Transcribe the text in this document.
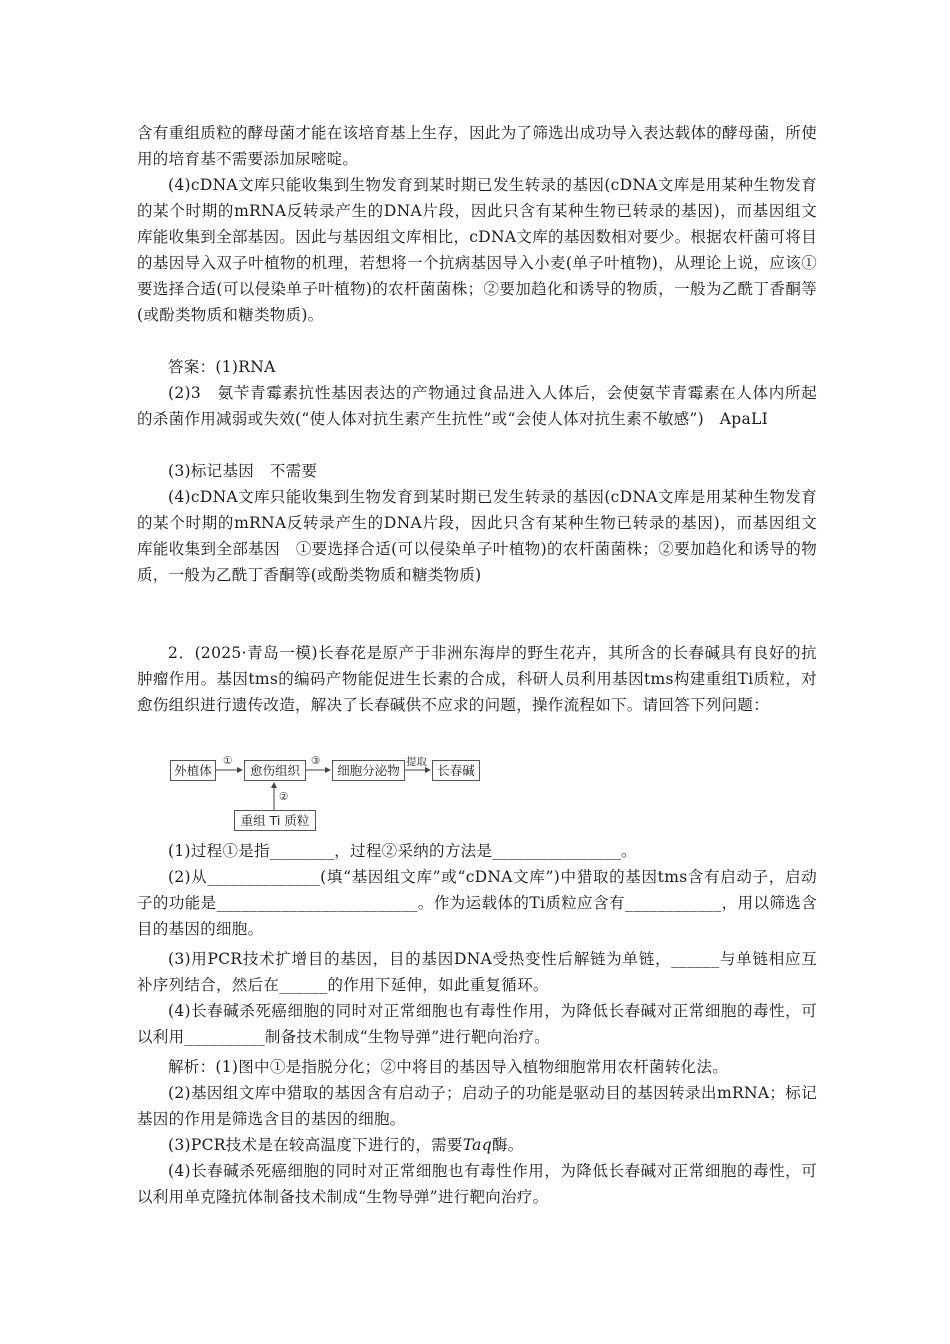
含有重组质粒的酵母菌才能在该培育基上生存，因此为了筛选出成功导入表达载体的酵母菌，所使用的培育基不需要添加尿嘧啶。

(4)cDNA文库只能收集到生物发育到某时期已发生转录的基因(cDNA文库是用某种生物发育的某个时期的mRNA反转录产生的DNA片段，因此只含有某种生物已转录的基因)，而基因组文库能收集到全部基因。因此与基因组文库相比，cDNA文库的基因数相对要少。根据农杆菌可将目的基因导入双子叶植物的机理，若想将一个抗病基因导入小麦(单子叶植物)，从理论上说，应该①要选择合适(可以侵染单子叶植物)的农杆菌菌株；②要加趋化和诱导的物质，一般为乙酰丁香酮等(或酚类物质和糖类物质)。

答案：(1)RNA

(2)3　氨苄青霉素抗性基因表达的产物通过食品进入人体后，会使氨苄青霉素在人体内所起的杀菌作用减弱或失效(“使人体对抗生素产生抗性”或“会使人体对抗生素不敏感”)　ApaLⅠ

(3)标记基因　不需要

(4)cDNA文库只能收集到生物发育到某时期已发生转录的基因(cDNA文库是用某种生物发育的某个时期的mRNA反转录产生的DNA片段，因此只含有某种生物已转录的基因)，而基因组文库能收集到全部基因　①要选择合适(可以侵染单子叶植物)的农杆菌菌株；②要加趋化和诱导的物质，一般为乙酰丁香酮等(或酚类物质和糖类物质)

2．(2025·青岛一模)长春花是原产于非洲东海岸的野生花卉，其所含的长春碱具有良好的抗肿瘤作用。基因tms的编码产物能促进生长素的合成，科研人员利用基因tms构建重组Ti质粒，对愈伤组织进行遗传改造，解决了长春碱供不应求的问题，操作流程如下。请回答下列问题：

外植体	愈伤组织	细胞分泌物	长春碱
重组 Ti 质粒
①
②
③	提取

(1)过程①是指________，过程②采纳的方法是________________。

(2)从______________(填“基因组文库”或“cDNA文库”)中猎取的基因tms含有启动子，启动子的功能是_________________________。作为运载体的Ti质粒应含有____________，用以筛选含目的基因的细胞。

(3)用PCR技术扩增目的基因，目的基因DNA受热变性后解链为单链，______与单链相应互补序列结合，然后在______的作用下延伸，如此重复循环。

(4)长春碱杀死癌细胞的同时对正常细胞也有毒性作用，为降低长春碱对正常细胞的毒性，可以利用__________制备技术制成“生物导弹”进行靶向治疗。

解析：(1)图中①是指脱分化；②中将目的基因导入植物细胞常用农杆菌转化法。

(2)基因组文库中猎取的基因含有启动子；启动子的功能是驱动目的基因转录出mRNA；标记基因的作用是筛选含目的基因的细胞。

(3)PCR技术是在较高温度下进行的，需要Taq酶。

(4)长春碱杀死癌细胞的同时对正常细胞也有毒性作用，为降低长春碱对正常细胞的毒性，可以利用单克隆抗体制备技术制成“生物导弹”进行靶向治疗。
